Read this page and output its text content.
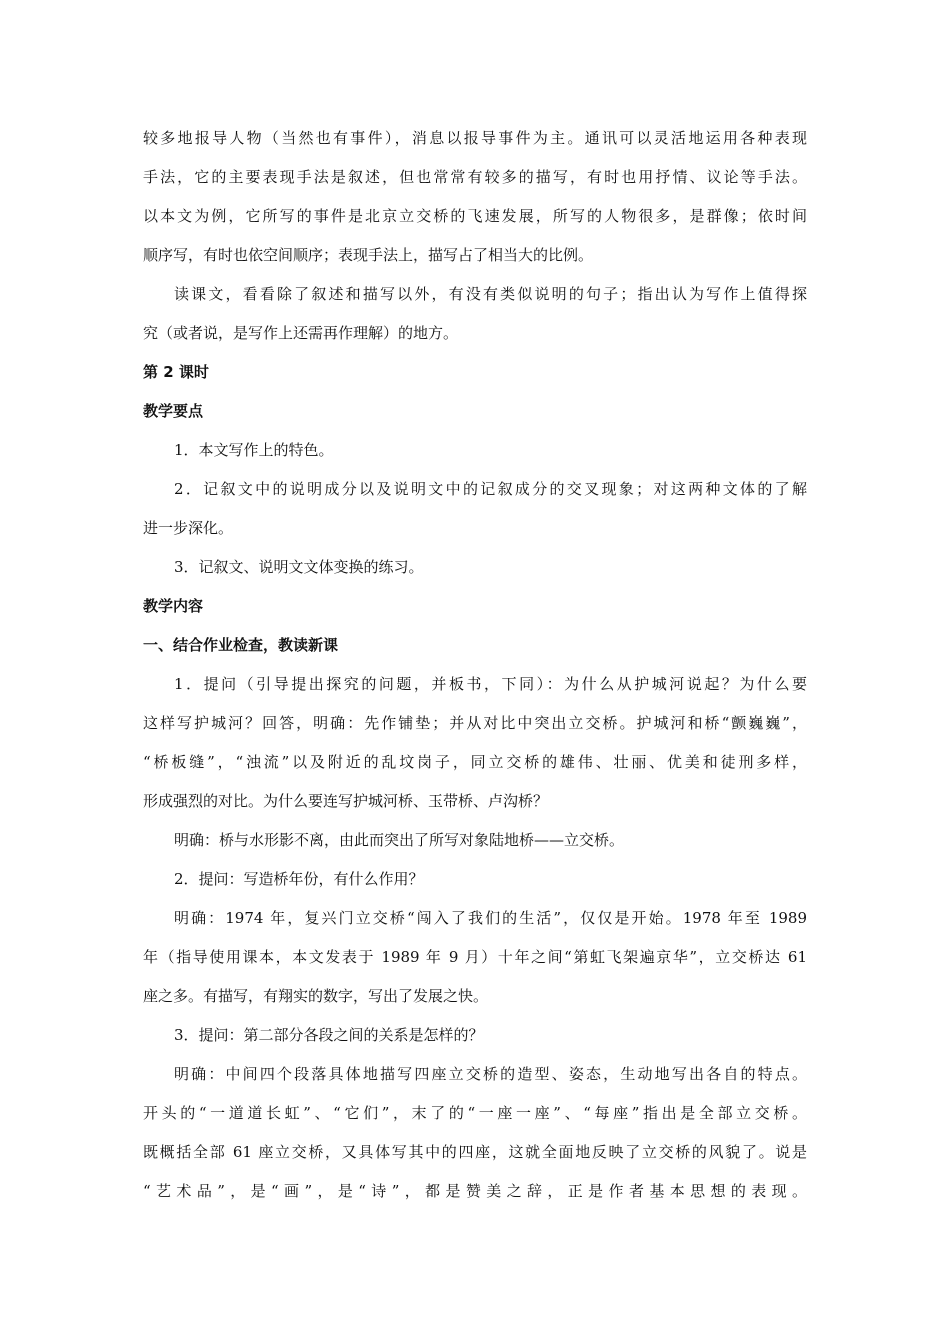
较多地报导人物（当然也有事件），消息以报导事件为主。通讯可以灵活地运用各种表现
手法，它的主要表现手法是叙述，但也常常有较多的描写，有时也用抒情、议论等手法。
以本文为例，它所写的事件是北京立交桥的飞速发展，所写的人物很多，是群像；依时间
顺序写，有时也依空间顺序；表现手法上，描写占了相当大的比例。
读课文，看看除了叙述和描写以外，有没有类似说明的句子；指出认为写作上值得探
究（或者说，是写作上还需再作理解）的地方。
第 2 课时
教学要点
1．本文写作上的特色。
2．记叙文中的说明成分以及说明文中的记叙成分的交叉现象；对这两种文体的了解
进一步深化。
3．记叙文、说明文文体变换的练习。
教学内容
一、结合作业检查，教读新课
1．提问（引导提出探究的问题，并板书，下同）：为什么从护城河说起？为什么要
这样写护城河？回答，明确：先作铺垫；并从对比中突出立交桥。护城河和桥“颤巍巍”，
“桥板缝”，“浊流”以及附近的乱坟岗子，同立交桥的雄伟、壮丽、优美和徒刑多样，
形成强烈的对比。为什么要连写护城河桥、玉带桥、卢沟桥？
明确：桥与水形影不离，由此而突出了所写对象陆地桥——立交桥。
2．提问：写造桥年份，有什么作用？
明确：1974 年，复兴门立交桥“闯入了我们的生活”，仅仅是开始。1978 年至 1989
年（指导使用课本，本文发表于 1989 年 9 月）十年之间“第虹飞架遍京华”，立交桥达 61
座之多。有描写，有翔实的数字，写出了发展之快。
3．提问：第二部分各段之间的关系是怎样的？
明确：中间四个段落具体地描写四座立交桥的造型、姿态，生动地写出各自的特点。
开头的“一道道长虹”、“它们”，末了的“一座一座”、“每座”指出是全部立交桥。
既概括全部 61 座立交桥，又具体写其中的四座，这就全面地反映了立交桥的风貌了。说是
“艺术品”，是“画”，是“诗”，都是赞美之辞，正是作者基本思想的表现。
